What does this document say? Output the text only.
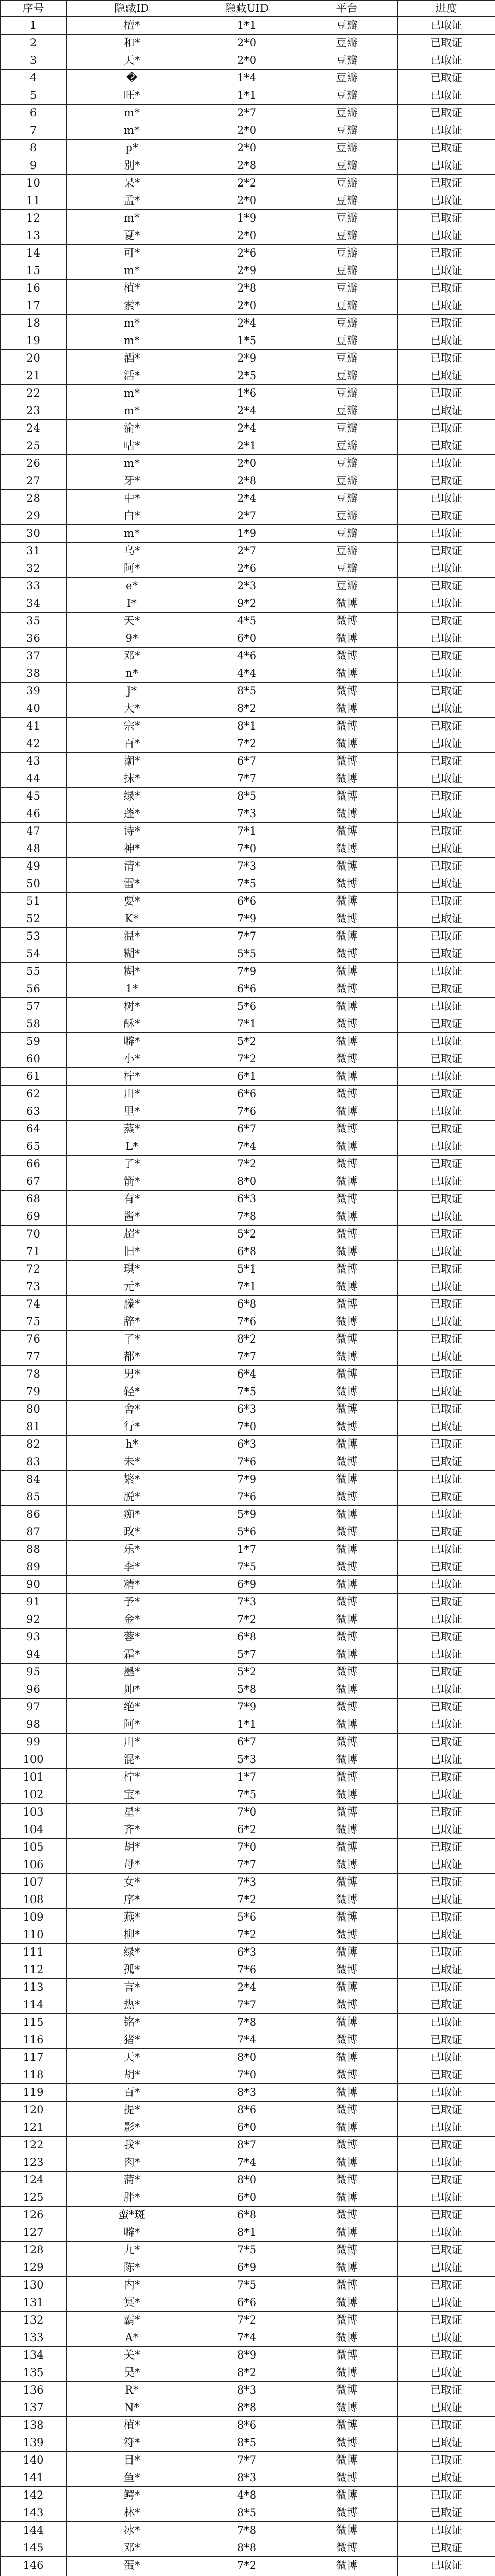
序号	隐藏ID	隐藏UID	平台	进度
1	檀*	1*1	豆瓣	已取证
2	和*	2*0	豆瓣	已取证
3	天*	2*0	豆瓣	已取证
4	�	1*4	豆瓣	已取证
5	旺*	1*1	豆瓣	已取证
6	m*	2*7	豆瓣	已取证
7	m*	2*0	豆瓣	已取证
8	p*	2*0	豆瓣	已取证
9	别*	2*8	豆瓣	已取证
10	呆*	2*2	豆瓣	已取证
11	孟*	2*0	豆瓣	已取证
12	m*	1*9	豆瓣	已取证
13	夏*	2*0	豆瓣	已取证
14	可*	2*6	豆瓣	已取证
15	m*	2*9	豆瓣	已取证
16	植*	2*8	豆瓣	已取证
17	索*	2*0	豆瓣	已取证
18	m*	2*4	豆瓣	已取证
19	m*	1*5	豆瓣	已取证
20	酒*	2*9	豆瓣	已取证
21	活*	2*5	豆瓣	已取证
22	m*	1*6	豆瓣	已取证
23	m*	2*4	豆瓣	已取证
24	渝*	2*4	豆瓣	已取证
25	咕*	2*1	豆瓣	已取证
26	m*	2*0	豆瓣	已取证
27	牙*	2*8	豆瓣	已取证
28	中*	2*4	豆瓣	已取证
29	白*	2*7	豆瓣	已取证
30	m*	1*9	豆瓣	已取证
31	乌*	2*7	豆瓣	已取证
32	阿*	2*6	豆瓣	已取证
33	e*	2*3	豆瓣	已取证
34	I*	9*2	微博	已取证
35	天*	4*5	微博	已取证
36	9*	6*0	微博	已取证
37	邓*	4*6	微博	已取证
38	n*	4*4	微博	已取证
39	J*	8*5	微博	已取证
40	大*	8*2	微博	已取证
41	宗*	8*1	微博	已取证
42	百*	7*2	微博	已取证
43	潮*	6*7	微博	已取证
44	抹*	7*7	微博	已取证
45	绿*	8*5	微博	已取证
46	蓬*	7*3	微博	已取证
47	诗*	7*1	微博	已取证
48	神*	7*0	微博	已取证
49	清*	7*3	微博	已取证
50	雷*	7*5	微博	已取证
51	要*	6*6	微博	已取证
52	K*	7*9	微博	已取证
53	温*	7*7	微博	已取证
54	糊*	5*5	微博	已取证
55	糊*	7*9	微博	已取证
56	1*	6*6	微博	已取证
57	树*	5*6	微博	已取证
58	酥*	7*1	微博	已取证
59	噼*	5*2	微博	已取证
60	小*	7*2	微博	已取证
61	柠*	6*1	微博	已取证
62	川*	6*6	微博	已取证
63	里*	7*6	微博	已取证
64	蒸*	6*7	微博	已取证
65	L*	7*4	微博	已取证
66	了*	7*2	微博	已取证
67	箭*	8*0	微博	已取证
68	有*	6*3	微博	已取证
69	酱*	7*8	微博	已取证
70	超*	5*2	微博	已取证
71	旧*	6*8	微博	已取证
72	琪*	5*1	微博	已取证
73	元*	7*1	微博	已取证
74	滕*	6*8	微博	已取证
75	辞*	7*6	微博	已取证
76	了*	8*2	微博	已取证
77	都*	7*7	微博	已取证
78	男*	6*4	微博	已取证
79	轻*	7*5	微博	已取证
80	舍*	6*3	微博	已取证
81	行*	7*0	微博	已取证
82	h*	6*3	微博	已取证
83	未*	7*6	微博	已取证
84	繁*	7*9	微博	已取证
85	脱*	7*6	微博	已取证
86	痴*	5*9	微博	已取证
87	政*	5*6	微博	已取证
88	乐*	1*7	微博	已取证
89	李*	7*5	微博	已取证
90	精*	6*9	微博	已取证
91	予*	7*3	微博	已取证
92	金*	7*2	微博	已取证
93	蓉*	6*8	微博	已取证
94	霜*	5*7	微博	已取证
95	墨*	5*2	微博	已取证
96	帅*	5*8	微博	已取证
97	绝*	7*9	微博	已取证
98	阿*	1*1	微博	已取证
99	川*	6*7	微博	已取证
100	混*	5*3	微博	已取证
101	柠*	1*7	微博	已取证
102	宝*	7*5	微博	已取证
103	星*	7*0	微博	已取证
104	齐*	6*2	微博	已取证
105	胡*	7*0	微博	已取证
106	母*	7*7	微博	已取证
107	女*	7*3	微博	已取证
108	序*	7*2	微博	已取证
109	燕*	5*6	微博	已取证
110	柳*	7*2	微博	已取证
111	绿*	6*3	微博	已取证
112	孤*	7*6	微博	已取证
113	言*	2*4	微博	已取证
114	热*	7*7	微博	已取证
115	铭*	7*8	微博	已取证
116	猪*	7*4	微博	已取证
117	天*	8*0	微博	已取证
118	胡*	7*0	微博	已取证
119	百*	8*3	微博	已取证
120	提*	8*6	微博	已取证
121	影*	6*0	微博	已取证
122	我*	8*7	微博	已取证
123	肉*	7*4	微博	已取证
124	蒲*	8*0	微博	已取证
125	胖*	6*0	微博	已取证
126	蛮*斑	6*8	微博	已取证
127	噼*	8*1	微博	已取证
128	九*	7*5	微博	已取证
129	陈*	6*9	微博	已取证
130	内*	7*5	微博	已取证
131	冥*	6*6	微博	已取证
132	霸*	7*2	微博	已取证
133	A*	7*4	微博	已取证
134	关*	8*9	微博	已取证
135	吴*	8*2	微博	已取证
136	R*	8*3	微博	已取证
137	N*	8*8	微博	已取证
138	植*	8*6	微博	已取证
139	符*	8*5	微博	已取证
140	目*	7*7	微博	已取证
141	鱼*	8*3	微博	已取证
142	鳄*	4*8	微博	已取证
143	林*	8*5	微博	已取证
144	冰*	7*8	微博	已取证
145	邓*	8*8	微博	已取证
146	蛋*	7*2	微博	已取证
